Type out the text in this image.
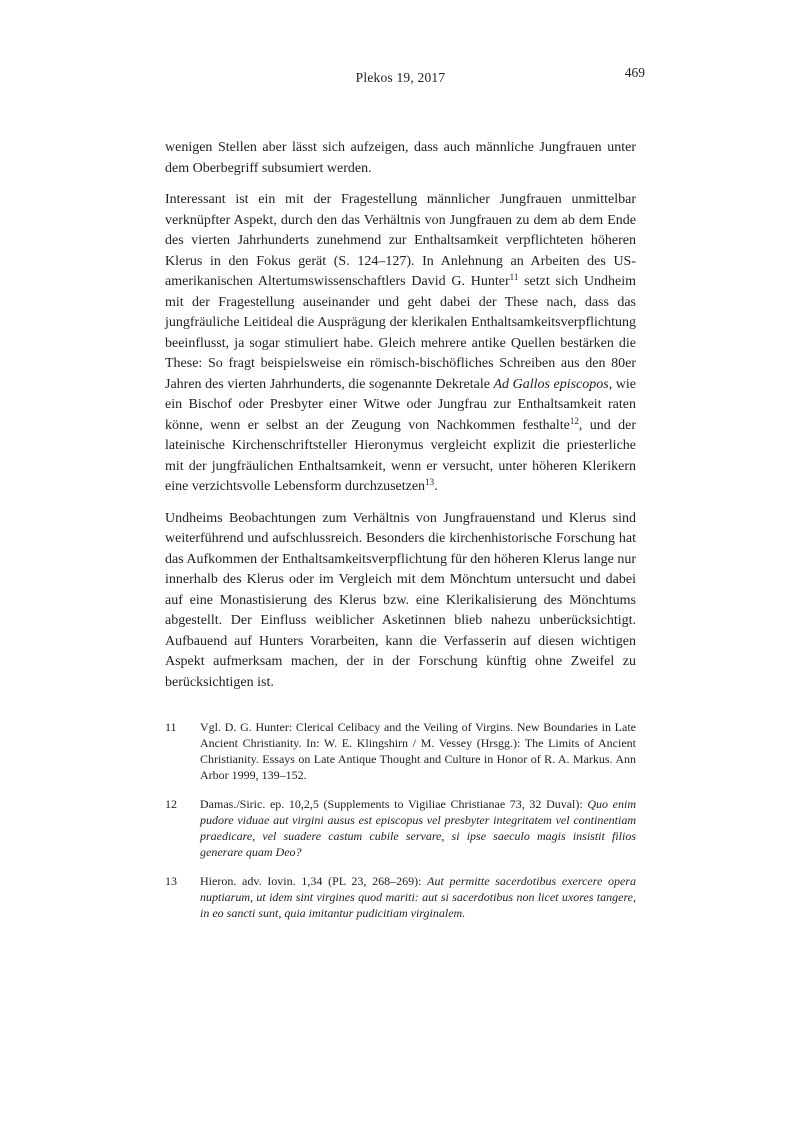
Plekos 19, 2017	469

wenigen Stellen aber lässt sich aufzeigen, dass auch männliche Jungfrauen unter dem Oberbegriff subsumiert werden.

Interessant ist ein mit der Fragestellung männlicher Jungfrauen unmittelbar verknüpfter Aspekt, durch den das Verhältnis von Jungfrauen zu dem ab dem Ende des vierten Jahrhunderts zunehmend zur Enthaltsamkeit verpflichteten höheren Klerus in den Fokus gerät (S. 124–127). In Anlehnung an Arbeiten des US-amerikanischen Altertumswissenschaftlers David G. Hunter$^{11}$ setzt sich Undheim mit der Fragestellung auseinander und geht dabei der These nach, dass das jungfräuliche Leitideal die Ausprägung der klerikalen Enthaltsamkeitsverpflichtung beeinflusst, ja sogar stimuliert habe. Gleich mehrere antike Quellen bestärken die These: So fragt beispielsweise ein römisch-bischöfliches Schreiben aus den 80er Jahren des vierten Jahrhunderts, die sogenannte Dekretale Ad Gallos episcopos, wie ein Bischof oder Presbyter einer Witwe oder Jungfrau zur Enthaltsamkeit raten könne, wenn er selbst an der Zeugung von Nachkommen festhalte$^{12}$, und der lateinische Kirchenschriftsteller Hieronymus vergleicht explizit die priesterliche mit der jungfräulichen Enthaltsamkeit, wenn er versucht, unter höheren Klerikern eine verzichtsvolle Lebensform durchzusetzen$^{13}$.

Undheims Beobachtungen zum Verhältnis von Jungfrauenstand und Klerus sind weiterführend und aufschlussreich. Besonders die kirchenhistorische Forschung hat das Aufkommen der Enthaltsamkeitsverpflichtung für den höheren Klerus lange nur innerhalb des Klerus oder im Vergleich mit dem Mönchtum untersucht und dabei auf eine Monastisierung des Klerus bzw. eine Klerikalisierung des Mönchtums abgestellt. Der Einfluss weiblicher Asketinnen blieb nahezu unberücksichtigt. Aufbauend auf Hunters Vorarbeiten, kann die Verfasserin auf diesen wichtigen Aspekt aufmerksam machen, der in der Forschung künftig ohne Zweifel zu berücksichtigen ist.

11	Vgl. D. G. Hunter: Clerical Celibacy and the Veiling of Virgins. New Boundaries in Late Ancient Christianity. In: W. E. Klingshirn / M. Vessey (Hrsgg.): The Limits of Ancient Christianity. Essays on Late Antique Thought and Culture in Honor of R. A. Markus. Ann Arbor 1999, 139–152.
12	Damas./Siric. ep. 10,2,5 (Supplements to Vigiliae Christianae 73, 32 Duval): Quo enim pudore viduae aut virgini ausus est episcopus vel presbyter integritatem vel continentiam praedicare, vel suadere castum cubile servare, si ipse saeculo magis insistit filios generare quam Deo?
13	Hieron. adv. Iovin. 1,34 (PL 23, 268–269): Aut permitte sacerdotibus exercere opera nuptiarum, ut idem sint virgines quod mariti: aut si sacerdotibus non licet uxores tangere, in eo sancti sunt, quia imitantur pudicitiam virginalem.
